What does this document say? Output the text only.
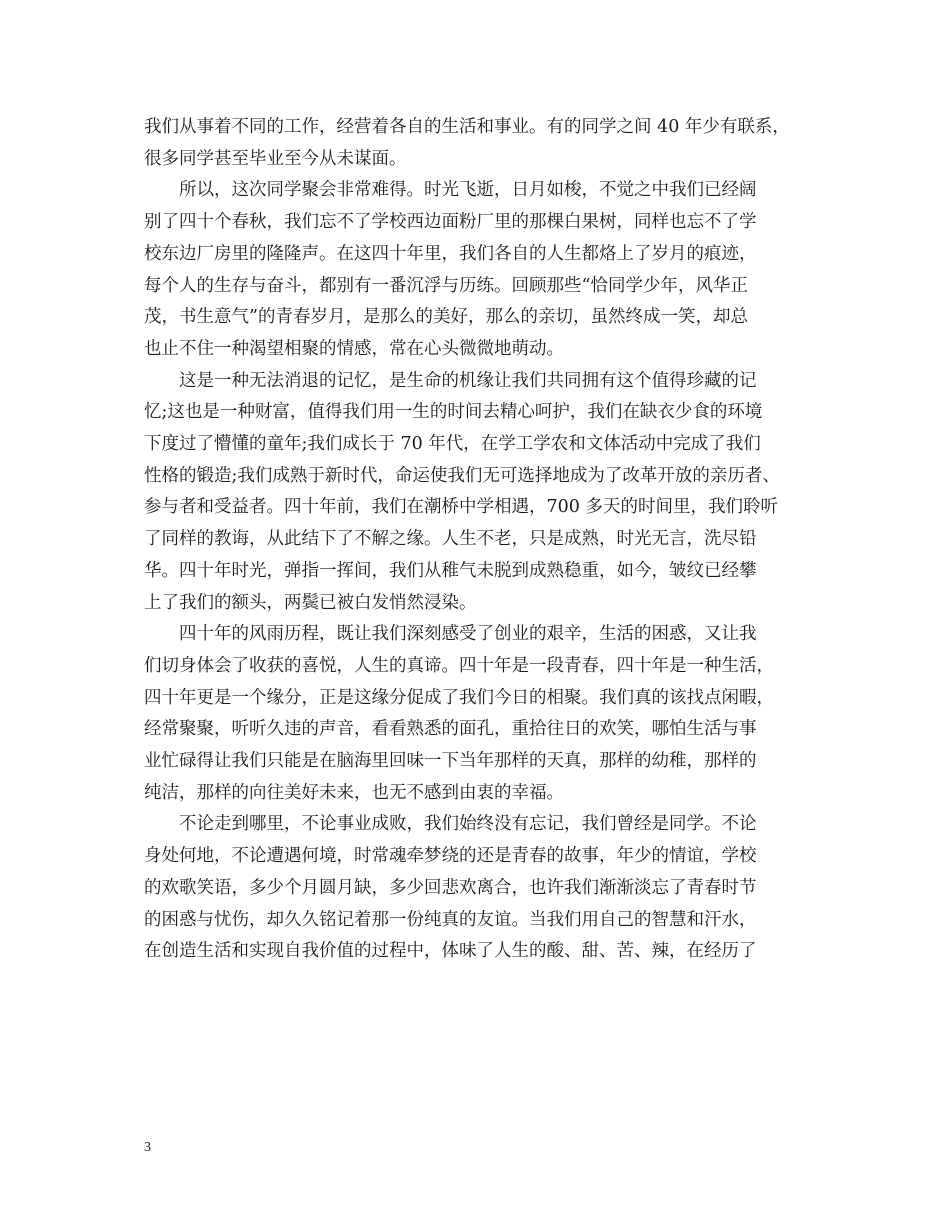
我们从事着不同的工作，经营着各自的生活和事业。有的同学之间 40 年少有联系，
很多同学甚至毕业至今从未谋面。
所以，这次同学聚会非常难得。时光飞逝，日月如梭，不觉之中我们已经阔
别了四十个春秋，我们忘不了学校西边面粉厂里的那棵白果树，同样也忘不了学
校东边厂房里的隆隆声。在这四十年里，我们各自的人生都烙上了岁月的痕迹，
每个人的生存与奋斗，都别有一番沉浮与历练。回顾那些“恰同学少年，风华正
茂，书生意气”的青春岁月，是那么的美好，那么的亲切，虽然终成一笑，却总
也止不住一种渴望相聚的情感，常在心头微微地萌动。
这是一种无法消退的记忆，是生命的机缘让我们共同拥有这个值得珍藏的记
忆;这也是一种财富，值得我们用一生的时间去精心呵护，我们在缺衣少食的环境
下度过了懵懂的童年;我们成长于 70 年代，在学工学农和文体活动中完成了我们
性格的锻造;我们成熟于新时代，命运使我们无可选择地成为了改革开放的亲历者、
参与者和受益者。四十年前，我们在潮桥中学相遇，700 多天的时间里，我们聆听
了同样的教诲，从此结下了不解之缘。人生不老，只是成熟，时光无言，洗尽铅
华。四十年时光，弹指一挥间，我们从稚气未脱到成熟稳重，如今，皱纹已经攀
上了我们的额头，两鬓已被白发悄然浸染。
四十年的风雨历程，既让我们深刻感受了创业的艰辛，生活的困惑，又让我
们切身体会了收获的喜悦，人生的真谛。四十年是一段青春，四十年是一种生活，
四十年更是一个缘分，正是这缘分促成了我们今日的相聚。我们真的该找点闲暇，
经常聚聚，听听久违的声音，看看熟悉的面孔，重拾往日的欢笑，哪怕生活与事
业忙碌得让我们只能是在脑海里回味一下当年那样的天真，那样的幼稚，那样的
纯洁，那样的向往美好未来，也无不感到由衷的幸福。
不论走到哪里，不论事业成败，我们始终没有忘记，我们曾经是同学。不论
身处何地，不论遭遇何境，时常魂牵梦绕的还是青春的故事，年少的情谊，学校
的欢歌笑语，多少个月圆月缺，多少回悲欢离合，也许我们渐渐淡忘了青春时节
的困惑与忧伤，却久久铭记着那一份纯真的友谊。当我们用自己的智慧和汗水，
在创造生活和实现自我价值的过程中，体味了人生的酸、甜、苦、辣，在经历了
3
